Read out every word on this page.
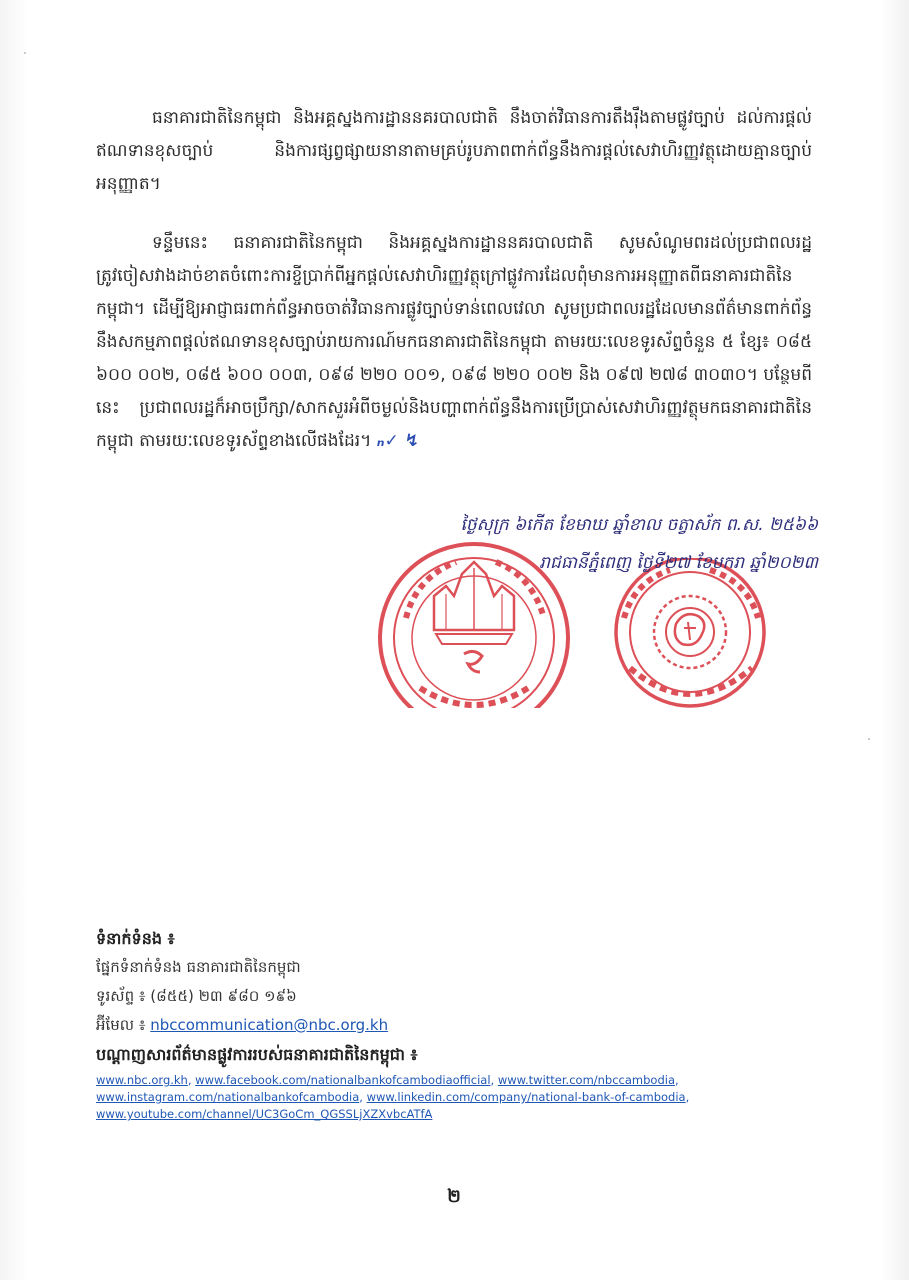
ធនាគារជាតិនៃកម្ពុជា និងអគ្គស្នងការដ្ឋាននគរបាលជាតិ នឹងចាត់វិធានការតឹងរ៉ឹងតាមផ្លូវច្បាប់ ដល់ការផ្ដល់ឥណទានខុសច្បាប់ និងការផ្សព្វផ្សាយនានាតាមគ្រប់រូបភាពពាក់ព័ន្ធនឹងការផ្ដល់សេវាហិរញ្ញវត្ថុដោយគ្មានច្បាប់អនុញ្ញាត។
ទន្ទឹមនេះ ធនាគារជាតិនៃកម្ពុជា និងអគ្គស្នងការដ្ឋាននគរបាលជាតិ សូមសំណូមពរដល់ប្រជាពលរដ្ឋត្រូវចៀសវាងដាច់ខាតចំពោះការខ្ចីប្រាក់ពីអ្នកផ្ដល់សេវាហិរញ្ញវត្ថុក្រៅផ្លូវការដែលពុំមានការអនុញ្ញាតពីធនាគារជាតិនៃកម្ពុជា។ ដើម្បីឱ្យអាជ្ញាធរពាក់ព័ន្ធអាចចាត់វិធានការផ្លូវច្បាប់ទាន់ពេលវេលា សូមប្រជាពលរដ្ឋដែលមានព័ត៌មានពាក់ព័ន្ធនឹងសកម្មភាពផ្ដល់ឥណទានខុសច្បាប់រាយការណ៍មកធនាគារជាតិនៃកម្ពុជា តាមរយៈលេខទូរស័ព្ទចំនួន ៥ ខ្សែ៖ ០៨៥ ៦០០ ០០២, ០៨៥ ៦០០ ០០៣, ០៩៨ ២២០ ០០១, ០៩៨ ២២០ ០០២ និង ០៩៧ ២៧៨ ៣០៣០។ បន្ថែមពីនេះ ប្រជាពលរដ្ឋក៏អាចប្រឹក្សា/សាកសួរអំពីចម្ងល់និងបញ្ហាពាក់ព័ន្ធនឹងការប្រើប្រាស់សេវាហិរញ្ញវត្ថុមកធនាគារជាតិនៃកម្ពុជា តាមរយៈលេខទូរស័ព្ទខាងលើផងដែរ។ ₙ✓ ↯
ថ្ងៃសុក្រ ៦កើត ខែមាឃ ឆ្នាំខាល ចត្វាស័ក ព.ស. ២៥៦៦
រាជធានីភ្នំពេញ ថ្ងៃទី២៧ ខែមករា ឆ្នាំ២០២៣
ទំនាក់ទំនង ៖
ផ្នែកទំនាក់ទំនង ធនាគារជាតិនៃកម្ពុជា
ទូរស័ព្ទ ៖ (៨៥៥) ២៣ ៩៨០ ១៩៦
អ៊ីមែល ៖ nbccommunication@nbc.org.kh
បណ្ដាញសារព័ត៌មានផ្លូវការរបស់ធនាគារជាតិនៃកម្ពុជា ៖
www.nbc.org.kh, www.facebook.com/nationalbankofcambodiaofficial, www.twitter.com/nbccambodia,
www.instagram.com/nationalbankofcambodia, www.linkedin.com/company/national-bank-of-cambodia,
www.youtube.com/channel/UC3GoCm_QGSSLjXZXvbcATfA
២
